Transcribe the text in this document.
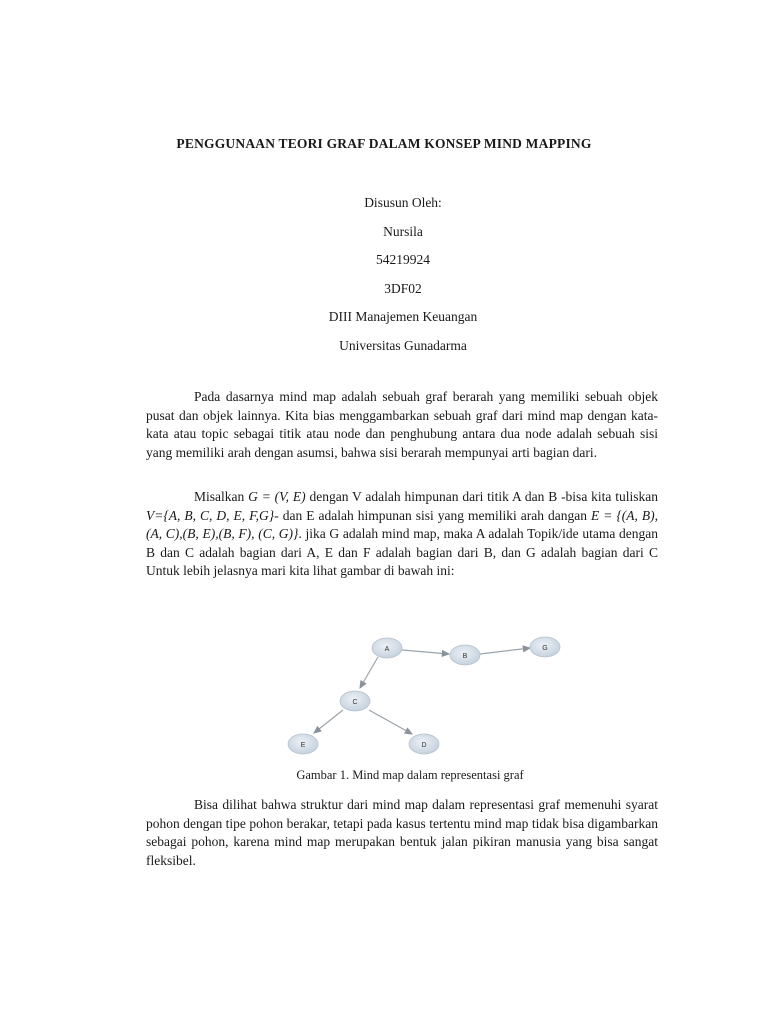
PENGGUNAAN TEORI GRAF DALAM KONSEP MIND MAPPING
Disusun Oleh:
Nursila
54219924
3DF02
DIII Manajemen Keuangan
Universitas Gunadarma

Pada dasarnya mind map adalah sebuah graf berarah yang memiliki sebuah objek pusat dan objek lainnya. Kita bias menggambarkan sebuah graf dari mind map dengan kata-kata atau topic sebagai titik atau node dan penghubung antara dua node adalah sebuah sisi yang memiliki arah dengan asumsi, bahwa sisi berarah mempunyai arti bagian dari.

Misalkan G = (V, E) dengan V adalah himpunan dari titik A dan B -bisa kita tuliskan V={A, B, C, D, E, F,G}- dan E adalah himpunan sisi yang memiliki arah dangan E = {(A, B),(A, C),(B, E),(B, F), (C, G)}. jika G adalah mind map, maka A adalah Topik/ide utama dengan B dan C adalah bagian dari A, E dan F adalah bagian dari B, dan G adalah bagian dari C Untuk lebih jelasnya mari kita lihat gambar di bawah ini:

A
B
G
C
E	D
Gambar 1. Mind map dalam representasi graf

Bisa dilihat bahwa struktur dari mind map dalam representasi graf memenuhi syarat pohon dengan tipe pohon berakar, tetapi pada kasus tertentu mind map tidak bisa digambarkan sebagai pohon, karena mind map merupakan bentuk jalan pikiran manusia yang bisa sangat fleksibel.
